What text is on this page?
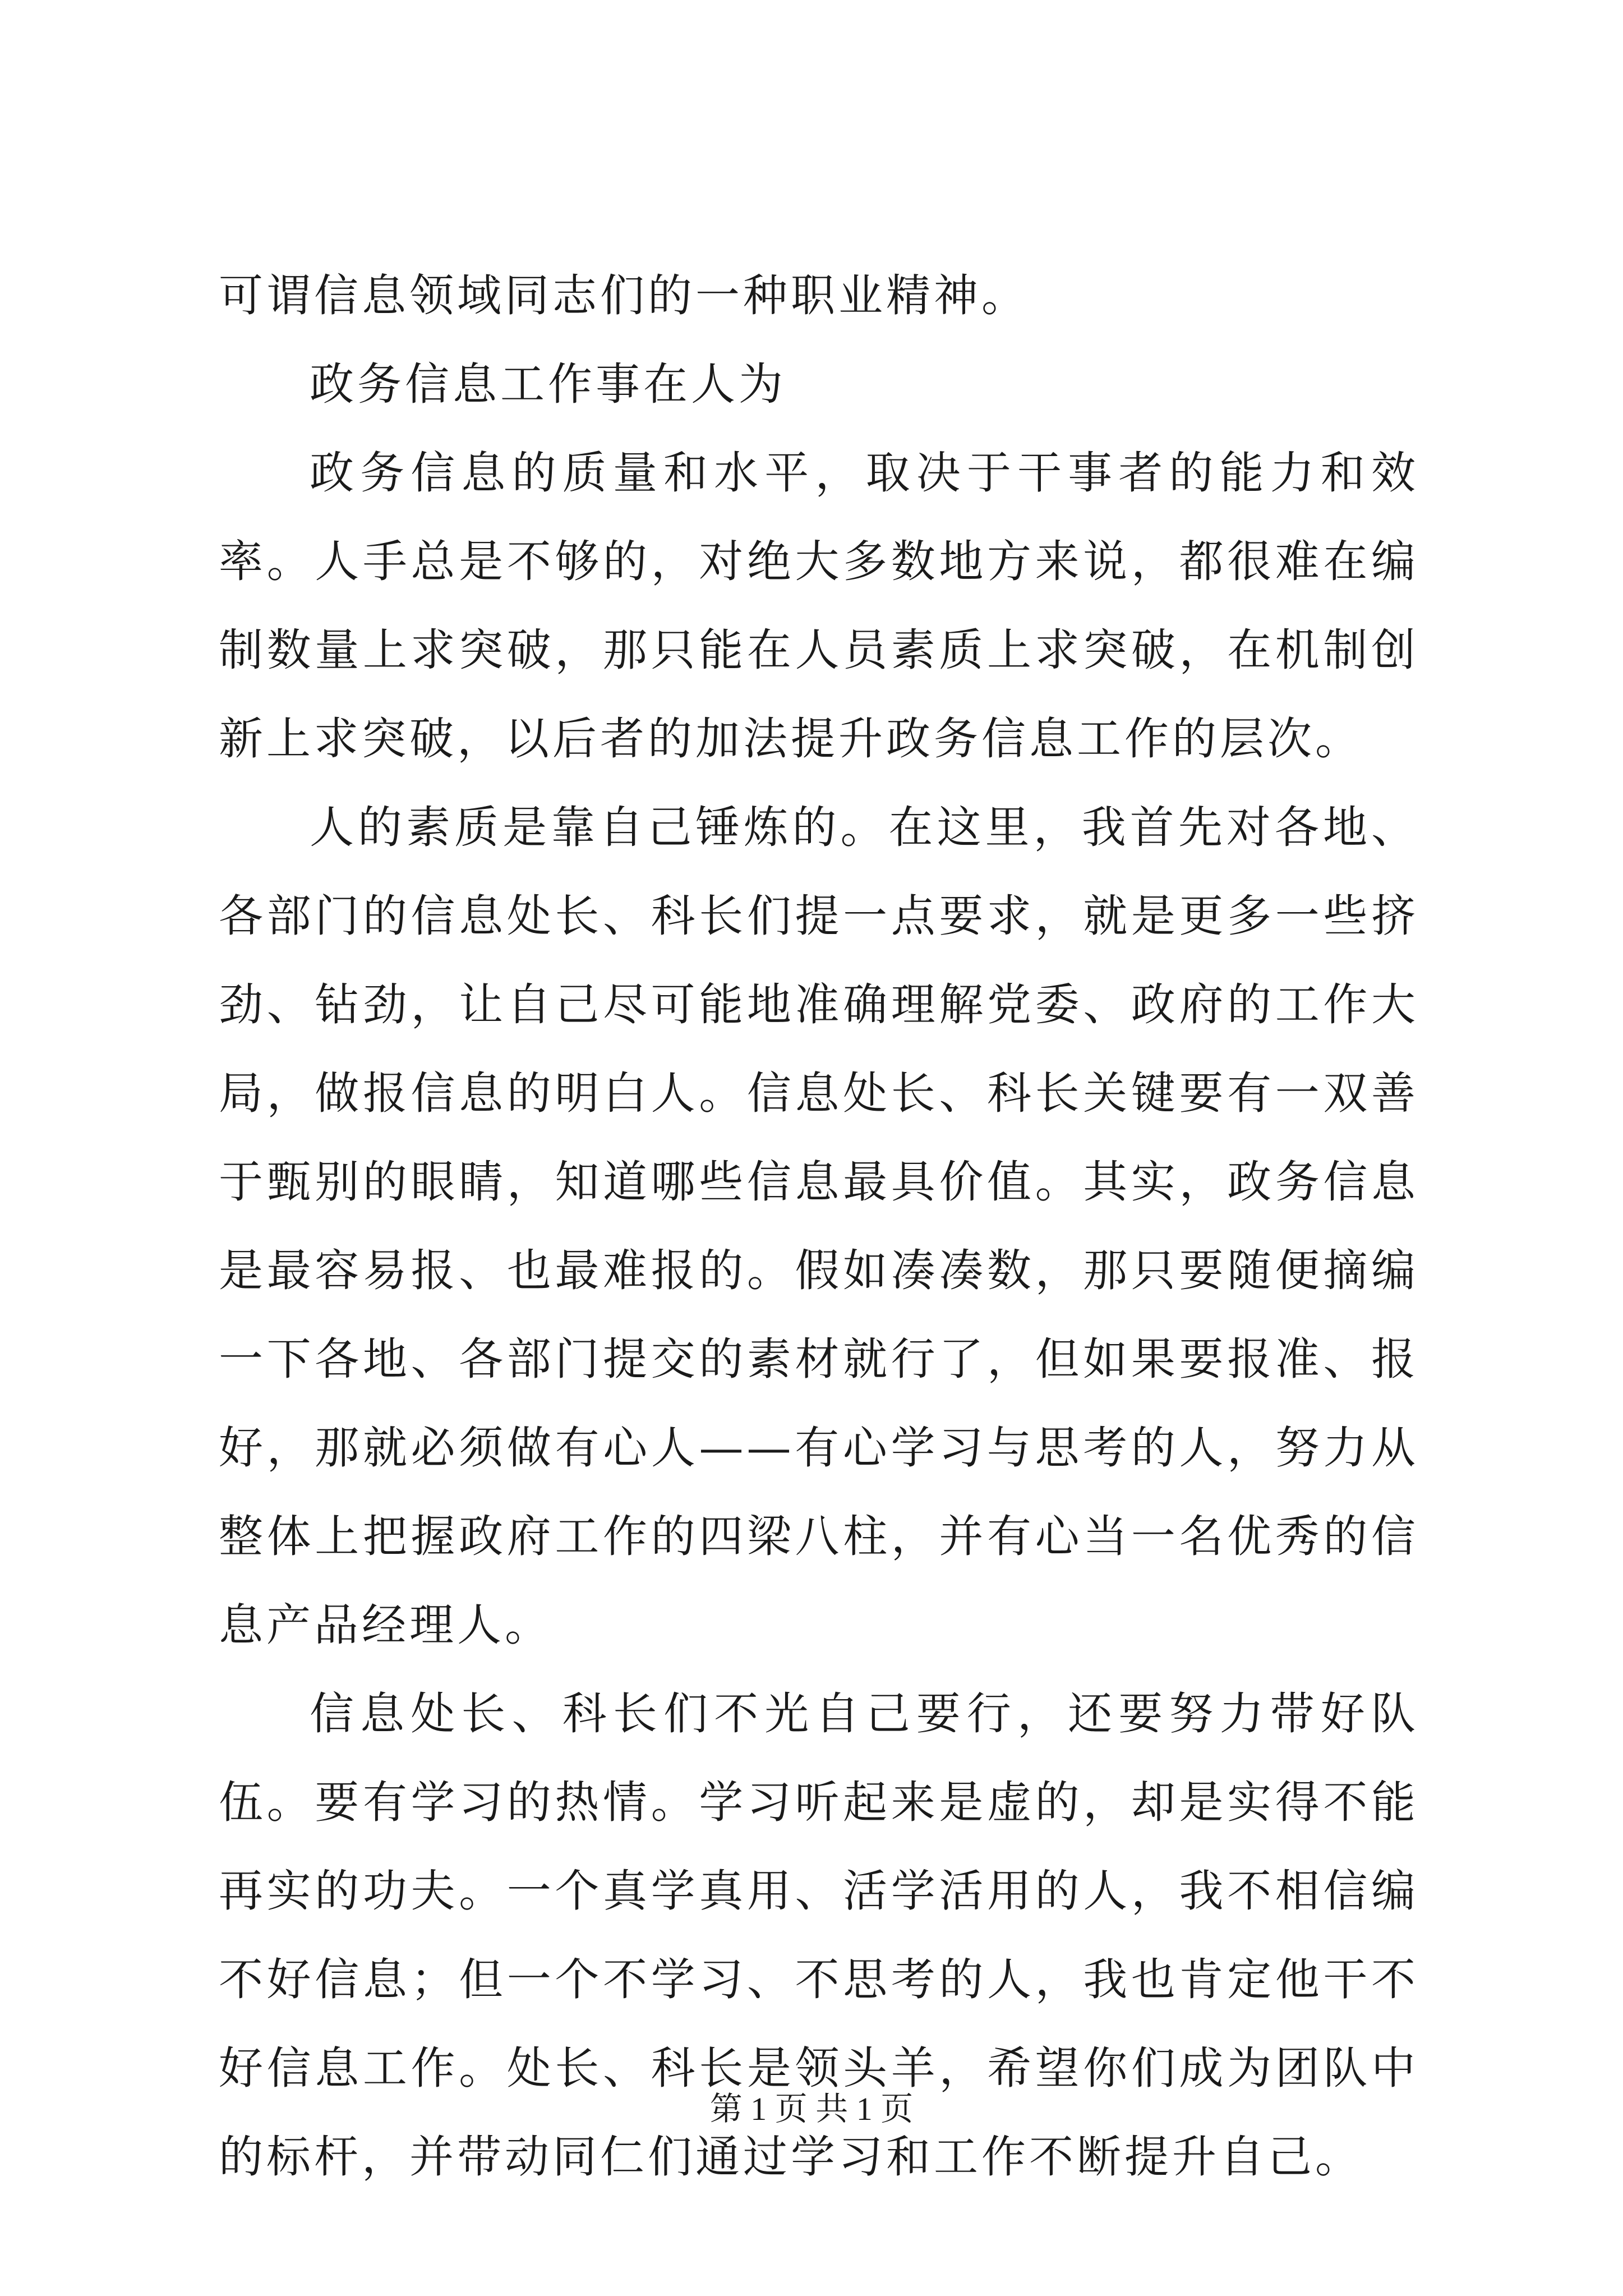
可谓信息领域同志们的一种职业精神。

政务信息工作事在人为

政务信息的质量和水平，取决于干事者的能力和效率。人手总是不够的，对绝大多数地方来说，都很难在编制数量上求突破，那只能在人员素质上求突破，在机制创新上求突破，以后者的加法提升政务信息工作的层次。

人的素质是靠自己锤炼的。在这里，我首先对各地、各部门的信息处长、科长们提一点要求，就是更多一些挤劲、钻劲，让自己尽可能地准确理解党委、政府的工作大局，做报信息的明白人。信息处长、科长关键要有一双善于甄别的眼睛，知道哪些信息最具价值。其实，政务信息是最容易报、也最难报的。假如凑凑数，那只要随便摘编一下各地、各部门提交的素材就行了，但如果要报准、报好，那就必须做有心人——有心学习与思考的人，努力从整体上把握政府工作的四梁八柱，并有心当一名优秀的信息产品经理人。

信息处长、科长们不光自己要行，还要努力带好队伍。要有学习的热情。学习听起来是虚的，却是实得不能再实的功夫。一个真学真用、活学活用的人，我不相信编不好信息；但一个不学习、不思考的人，我也肯定他干不好信息工作。处长、科长是领头羊，希望你们成为团队中的标杆，并带动同仁们通过学习和工作不断提升自己。

第 1 页 共 1 页
